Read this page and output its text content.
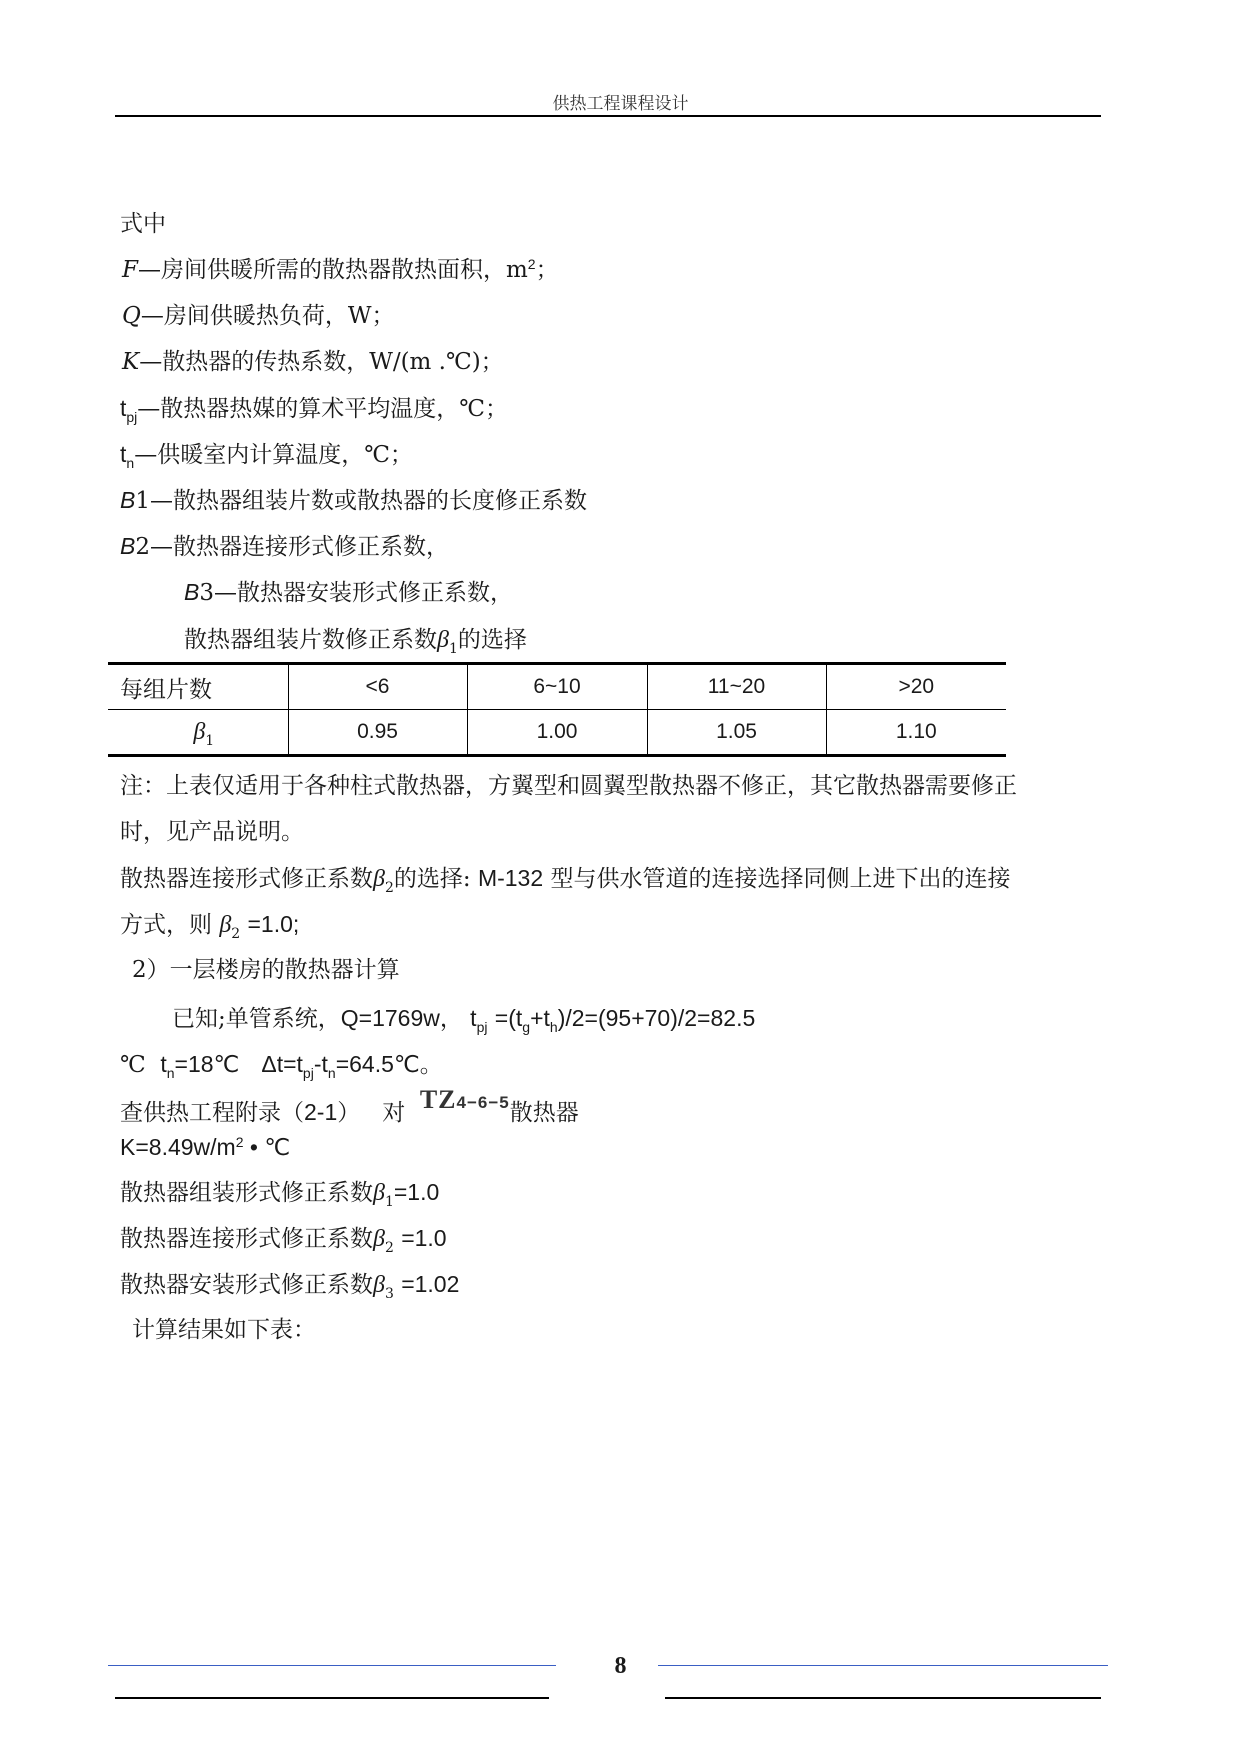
供热工程课程设计
式中
F—房间供暖所需的散热器散热面积，$m^2$；
Q—房间供暖热负荷，W；
K—散热器的传热系数，W/(m .℃)；
$t_{pj}—$散热器热媒的算术平均温度，℃；
$t_n—$供暖室内计算温度，℃；
B1—散热器组装片数或散热器的长度修正系数
B2—散热器连接形式修正系数，
B3—散热器安装形式修正系数，
散热器组装片数修正系数$\beta_1$的选择
每组片数	<6	6~10	11~20	>20
$\beta_1$	0.95	1.00	1.05	1.10
注：上表仅适用于各种柱式散热器，方翼型和圆翼型散热器不修正，其它散热器需要修正
时，见产品说明。
散热器连接形式修正系数$\beta_2$的选择: M-132 型与供水管道的连接选择同侧上进下出的连接
方式，则 $\beta_2 =1.0$;
2）一层楼房的散热器计算
已知;单管系统，Q=1769w， $t_{pj} =(t_g+t_h)/2=(95+70)/2=82.5$
℃ $t_n=18℃$ $\Delta t=t_{pj}-t_n=64.5℃$。
查供热工程附录（2-1） 对 TZ4−6−5散热器
$K=8.49w/m^2$ • ℃
散热器组装形式修正系数$\beta_1=1.0$
散热器连接形式修正系数$\beta_2 =1.0$
散热器安装形式修正系数$\beta_3 =1.02$
计算结果如下表：
8
